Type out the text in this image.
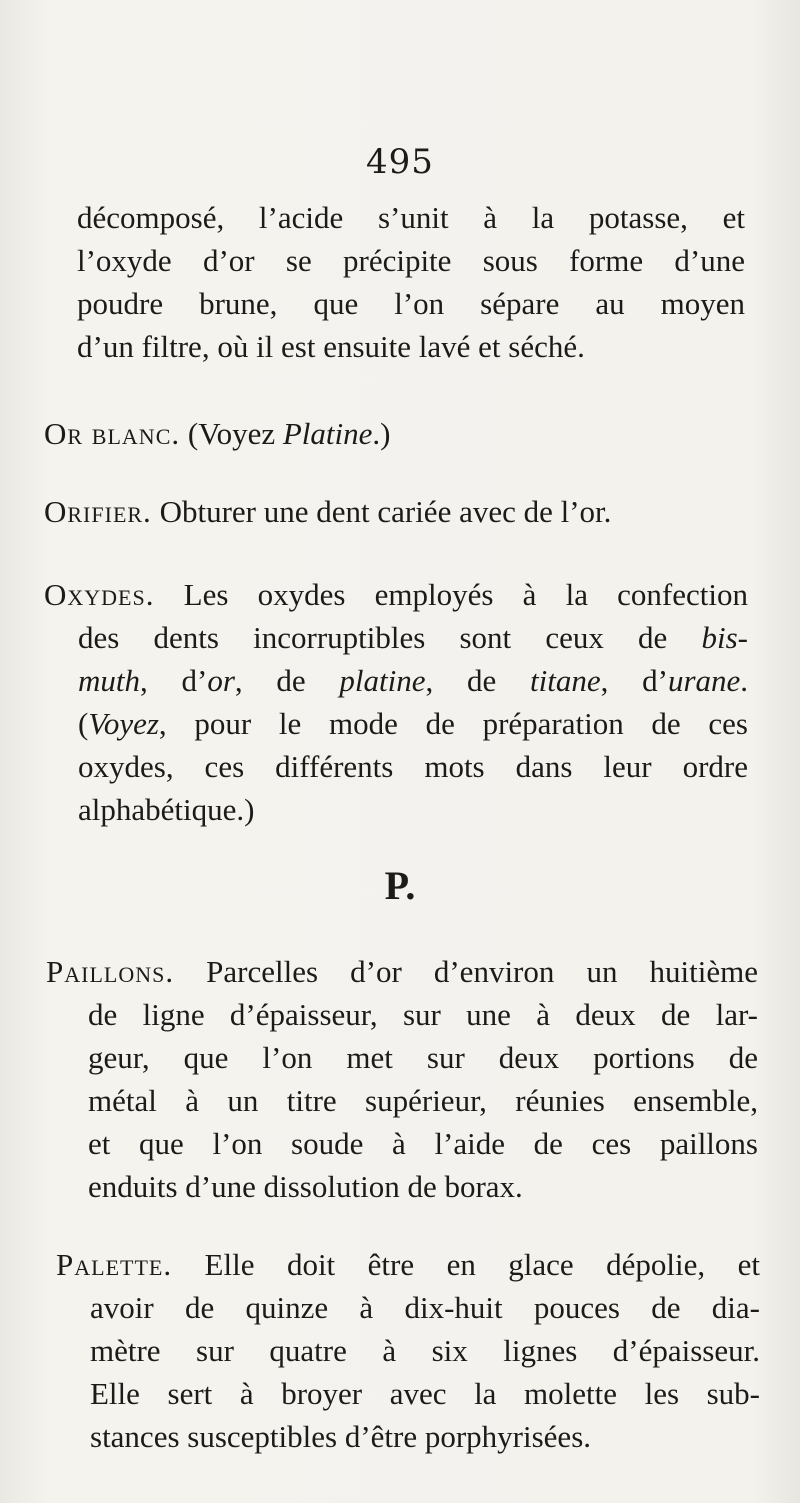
495
décomposé, l’acide s’unit à la potasse, et
l’oxyde d’or se précipite sous forme d’une
poudre brune, que l’on sépare au moyen
d’un filtre, où il est ensuite lavé et séché.
Or blanc. (Voyez Platine.)
Orifier. Obturer une dent cariée avec de l’or.
Oxydes. Les oxydes employés à la confection
des dents incorruptibles sont ceux de bis-
muth, d’or, de platine, de titane, d’urane.
(Voyez, pour le mode de préparation de ces
oxydes, ces différents mots dans leur ordre
alphabétique.)
P.
Paillons. Parcelles d’or d’environ un huitième
de ligne d’épaisseur, sur une à deux de lar-
geur, que l’on met sur deux portions de
métal à un titre supérieur, réunies ensemble,
et que l’on soude à l’aide de ces paillons
enduits d’une dissolution de borax.
Palette. Elle doit être en glace dépolie, et
avoir de quinze à dix-huit pouces de dia-
mètre sur quatre à six lignes d’épaisseur.
Elle sert à broyer avec la molette les sub-
stances susceptibles d’être porphyrisées.
